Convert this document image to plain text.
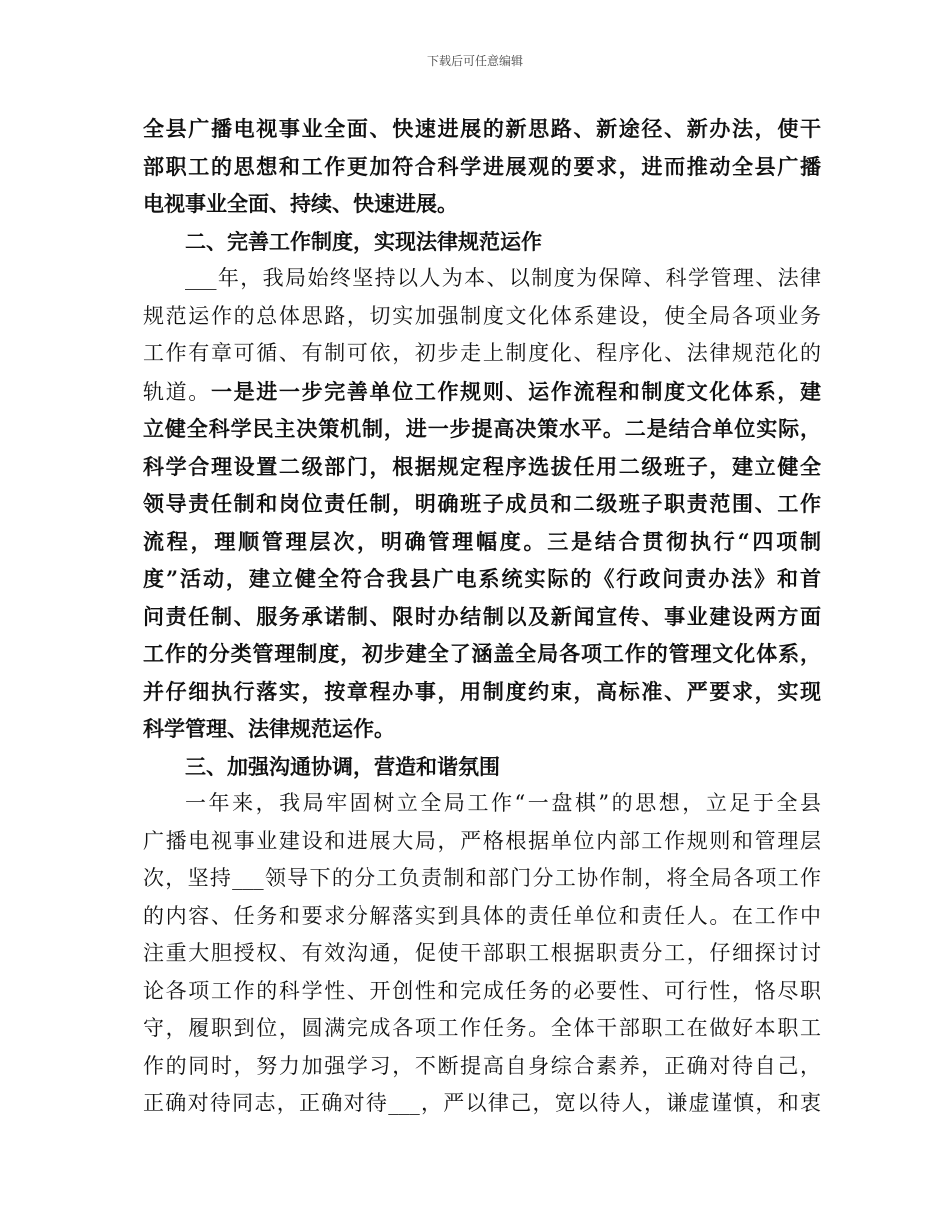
下载后可任意编辑
全县广播电视事业全面、快速进展的新思路、新途径、新办法，使干
部职工的思想和工作更加符合科学进展观的要求，进而推动全县广播
电视事业全面、持续、快速进展。
二、完善工作制度，实现法律规范运作
___年，我局始终坚持以人为本、以制度为保障、科学管理、法律
规范运作的总体思路，切实加强制度文化体系建设，使全局各项业务
工作有章可循、有制可依，初步走上制度化、程序化、法律规范化的
轨道。一是进一步完善单位工作规则、运作流程和制度文化体系，建
立健全科学民主决策机制，进一步提高决策水平。二是结合单位实际，
科学合理设置二级部门，根据规定程序选拔任用二级班子，建立健全
领导责任制和岗位责任制，明确班子成员和二级班子职责范围、工作
流程，理顺管理层次，明确管理幅度。三是结合贯彻执行“四项制
度”活动，建立健全符合我县广电系统实际的《行政问责办法》和首
问责任制、服务承诺制、限时办结制以及新闻宣传、事业建设两方面
工作的分类管理制度，初步建全了涵盖全局各项工作的管理文化体系，
并仔细执行落实，按章程办事，用制度约束，高标准、严要求，实现
科学管理、法律规范运作。
三、加强沟通协调，营造和谐氛围
一年来，我局牢固树立全局工作“一盘棋”的思想，立足于全县
广播电视事业建设和进展大局，严格根据单位内部工作规则和管理层
次，坚持___领导下的分工负责制和部门分工协作制，将全局各项工作
的内容、任务和要求分解落实到具体的责任单位和责任人。在工作中
注重大胆授权、有效沟通，促使干部职工根据职责分工，仔细探讨讨
论各项工作的科学性、开创性和完成任务的必要性、可行性，恪尽职
守，履职到位，圆满完成各项工作任务。全体干部职工在做好本职工
作的同时，努力加强学习，不断提高自身综合素养，正确对待自己，
正确对待同志，正确对待___，严以律己，宽以待人，谦虚谨慎，和衷
